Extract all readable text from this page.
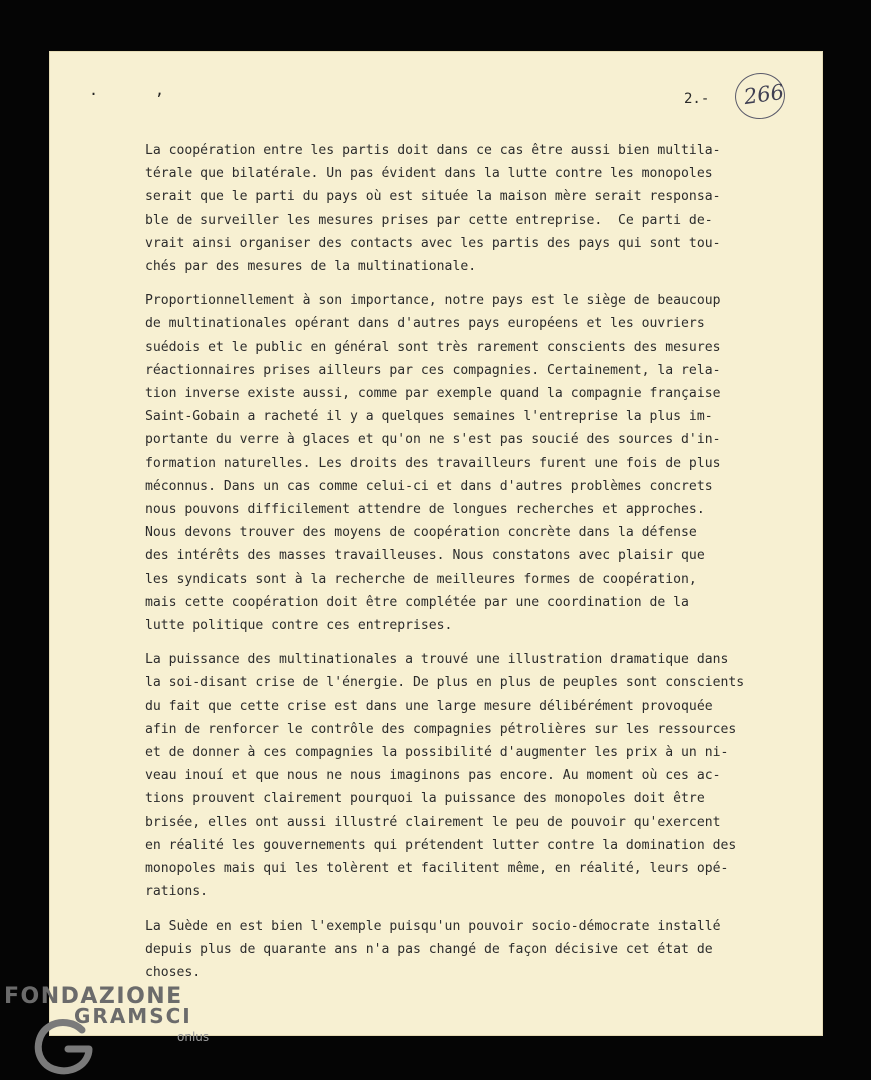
. ,	2.- 266

La coopération entre les partis doit dans ce cas être aussi bien multila-
térale que bilatérale. Un pas évident dans la lutte contre les monopoles
serait que le parti du pays où est située la maison mère serait responsa-
ble de surveiller les mesures prises par cette entreprise.  Ce parti de-
vrait ainsi organiser des contacts avec les partis des pays qui sont tou-
chés par des mesures de la multinationale.

Proportionnellement à son importance, notre pays est le siège de beaucoup
de multinationales opérant dans d'autres pays européens et les ouvriers
suédois et le public en général sont très rarement conscients des mesures
réactionnaires prises ailleurs par ces compagnies. Certainement, la rela-
tion inverse existe aussi, comme par exemple quand la compagnie française
Saint-Gobain a racheté il y a quelques semaines l'entreprise la plus im-
portante du verre à glaces et qu'on ne s'est pas soucié des sources d'in-
formation naturelles. Les droits des travailleurs furent une fois de plus
méconnus. Dans un cas comme celui-ci et dans d'autres problèmes concrets
nous pouvons difficilement attendre de longues recherches et approches.
Nous devons trouver des moyens de coopération concrète dans la défense
des intérêts des masses travailleuses. Nous constatons avec plaisir que
les syndicats sont à la recherche de meilleures formes de coopération,
mais cette coopération doit être complétée par une coordination de la
lutte politique contre ces entreprises.

La puissance des multinationales a trouvé une illustration dramatique dans
la soi-disant crise de l'énergie. De plus en plus de peuples sont conscients
du fait que cette crise est dans une large mesure délibérément provoquée
afin de renforcer le contrôle des compagnies pétrolières sur les ressources
et de donner à ces compagnies la possibilité d'augmenter les prix à un ni-
veau inouí et que nous ne nous imaginons pas encore. Au moment où ces ac-
tions prouvent clairement pourquoi la puissance des monopoles doit être
brisée, elles ont aussi illustré clairement le peu de pouvoir qu'exercent
en réalité les gouvernements qui prétendent lutter contre la domination des
monopoles mais qui les tolèrent et facilitent même, en réalité, leurs opé-
rations.

La Suède en est bien l'exemple puisqu'un pouvoir socio-démocrate installé
depuis plus de quarante ans n'a pas changé de façon décisive cet état de
choses.

FONDAZIONE
GRAMSCI
onlus
